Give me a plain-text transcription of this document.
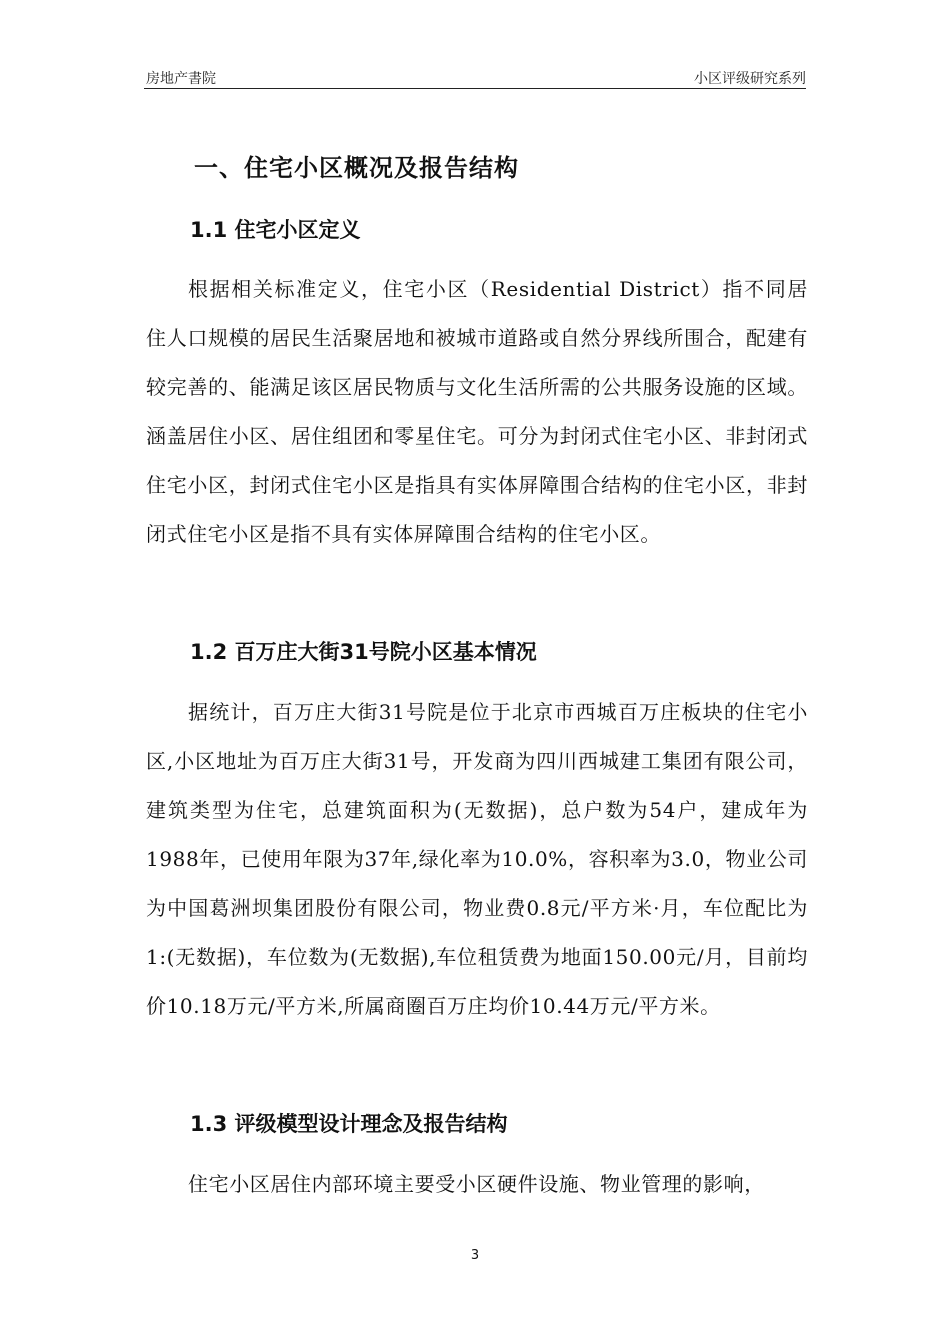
房地产書院	小区评级研究系列
一、住宅小区概况及报告结构
1.1 住宅小区定义
根据相关标准定义，住宅小区（Residential District）指不同居住人口规模的居民生活聚居地和被城市道路或自然分界线所围合，配建有较完善的、能满足该区居民物质与文化生活所需的公共服务设施的区域。涵盖居住小区、居住组团和零星住宅。可分为封闭式住宅小区、非封闭式住宅小区，封闭式住宅小区是指具有实体屏障围合结构的住宅小区，非封闭式住宅小区是指不具有实体屏障围合结构的住宅小区。
1.2 百万庄大街31号院小区基本情况
据统计，百万庄大街31号院是位于北京市西城百万庄板块的住宅小区,小区地址为百万庄大街31号，开发商为四川西城建工集团有限公司，建筑类型为住宅，总建筑面积为(无数据)，总户数为54户，建成年为1988年，已使用年限为37年,绿化率为10.0%，容积率为3.0，物业公司为中国葛洲坝集团股份有限公司，物业费0.8元/平方米·月，车位配比为1:(无数据)，车位数为(无数据),车位租赁费为地面150.00元/月，目前均价10.18万元/平方米,所属商圈百万庄均价10.44万元/平方米。
1.3 评级模型设计理念及报告结构
住宅小区居住内部环境主要受小区硬件设施、物业管理的影响，
3
